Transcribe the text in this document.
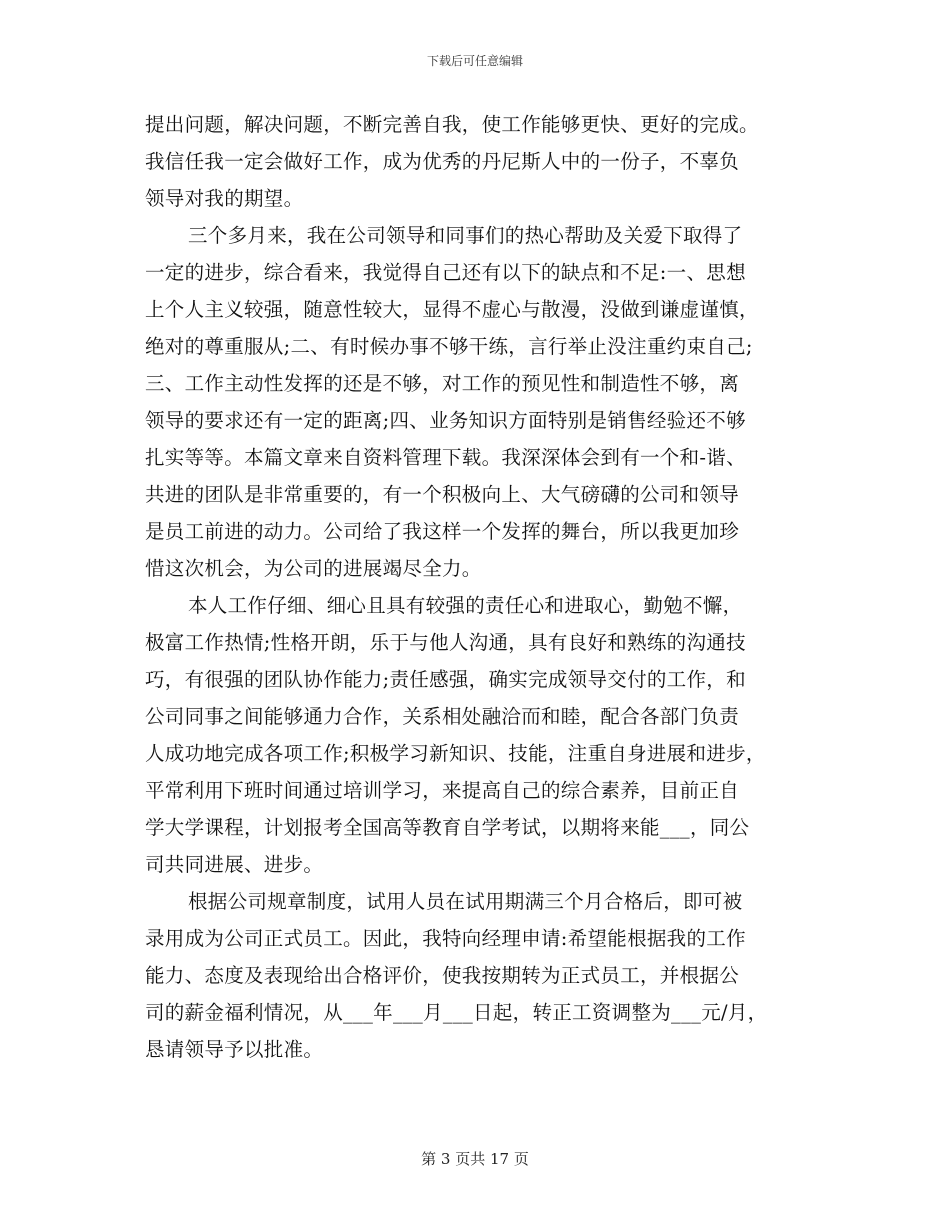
下载后可任意编辑
提出问题，解决问题，不断完善自我，使工作能够更快、更好的完成。
我信任我一定会做好工作，成为优秀的丹尼斯人中的一份子，不辜负
领导对我的期望。
三个多月来，我在公司领导和同事们的热心帮助及关爱下取得了
一定的进步，综合看来，我觉得自己还有以下的缺点和不足:一、思想
上个人主义较强，随意性较大，显得不虚心与散漫，没做到谦虚谨慎，
绝对的尊重服从;二、有时候办事不够干练，言行举止没注重约束自己;
三、工作主动性发挥的还是不够，对工作的预见性和制造性不够，离
领导的要求还有一定的距离;四、业务知识方面特别是销售经验还不够
扎实等等。本篇文章来自资料管理下载。我深深体会到有一个和-谐、
共进的团队是非常重要的，有一个积极向上、大气磅礴的公司和领导
是员工前进的动力。公司给了我这样一个发挥的舞台，所以我更加珍
惜这次机会，为公司的进展竭尽全力。
本人工作仔细、细心且具有较强的责任心和进取心，勤勉不懈，
极富工作热情;性格开朗，乐于与他人沟通，具有良好和熟练的沟通技
巧，有很强的团队协作能力;责任感强，确实完成领导交付的工作，和
公司同事之间能够通力合作，关系相处融洽而和睦，配合各部门负责
人成功地完成各项工作;积极学习新知识、技能，注重自身进展和进步，
平常利用下班时间通过培训学习，来提高自己的综合素养，目前正自
学大学课程，计划报考全国高等教育自学考试，以期将来能___，同公
司共同进展、进步。
根据公司规章制度，试用人员在试用期满三个月合格后，即可被
录用成为公司正式员工。因此，我特向经理申请:希望能根据我的工作
能力、态度及表现给出合格评价，使我按期转为正式员工，并根据公
司的薪金福利情况，从___年___月___日起，转正工资调整为___元/月，
恳请领导予以批准。
第 3 页共 17 页
